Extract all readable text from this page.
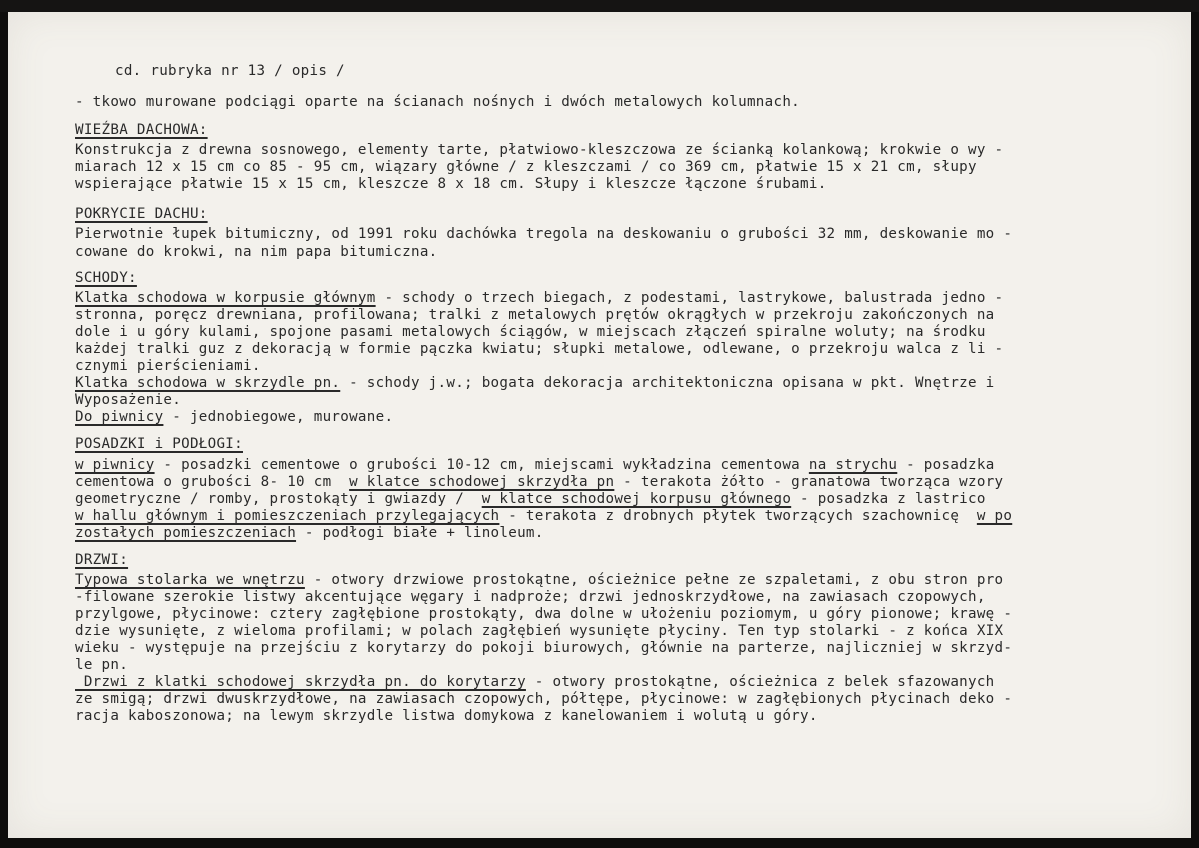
cd. rubryka nr 13 / opis /
- tkowo murowane podciągi oparte na ścianach nośnych i dwóch metalowych kolumnach.
WIEŹBA DACHOWA:
Konstrukcja z drewna sosnowego, elementy tarte, płatwiowo-kleszczowa ze ścianką kolankową; krokwie o wy -
miarach 12 x 15 cm co 85 - 95 cm, wiązary główne / z kleszczami / co 369 cm, płatwie 15 x 21 cm, słupy
wspierające płatwie 15 x 15 cm, kleszcze 8 x 18 cm. Słupy i kleszcze łączone śrubami.
POKRYCIE DACHU:
Pierwotnie łupek bitumiczny, od 1991 roku dachówka tregola na deskowaniu o grubości 32 mm, deskowanie mo -
cowane do krokwi, na nim papa bitumiczna.
SCHODY:
Klatka schodowa w korpusie głównym - schody o trzech biegach, z podestami, lastrykowe, balustrada jedno -
stronna, poręcz drewniana, profilowana; tralki z metalowych prętów okrągłych w przekroju zakończonych na
dole i u góry kulami, spojone pasami metalowych ściągów, w miejscach złączeń spiralne woluty; na środku
każdej tralki guz z dekoracją w formie pączka kwiatu; słupki metalowe, odlewane, o przekroju walca z li -
cznymi pierścieniami.
Klatka schodowa w skrzydle pn. - schody j.w.; bogata dekoracja architektoniczna opisana w pkt. Wnętrze i
Wyposażenie.
Do piwnicy - jednobiegowe, murowane.
POSADZKI i PODŁOGI:
w piwnicy - posadzki cementowe o grubości 10-12 cm, miejscami wykładzina cementowa na strychu - posadzka
cementowa o grubości 8- 10 cm  w klatce schodowej skrzydła pn - terakota żółto - granatowa tworząca wzory
geometryczne / romby, prostokąty i gwiazdy /  w klatce schodowej korpusu głównego - posadzka z lastrico
w hallu głównym i pomieszczeniach przylegających - terakota z drobnych płytek tworzących szachownicę  w po
zostałych pomieszczeniach - podłogi białe + linoleum.
DRZWI:
Typowa stolarka we wnętrzu - otwory drzwiowe prostokątne, ościeżnice pełne ze szpaletami, z obu stron pro
-filowane szerokie listwy akcentujące węgary i nadproże; drzwi jednoskrzydłowe, na zawiasach czopowych,
przylgowe, płycinowe: cztery zagłębione prostokąty, dwa dolne w ułożeniu poziomym, u góry pionowe; krawę -
dzie wysunięte, z wieloma profilami; w polach zagłębień wysunięte płyciny. Ten typ stolarki - z końca XIX
wieku - występuje na przejściu z korytarzy do pokoji biurowych, głównie na parterze, najliczniej w skrzyd-
le pn.
Drzwi z klatki schodowej skrzydła pn. do korytarzy - otwory prostokątne, ościeżnica z belek sfazowanych
ze smigą; drzwi dwuskrzydłowe, na zawiasach czopowych, półtępe, płycinowe: w zagłębionych płycinach deko -
racja kaboszonowa; na lewym skrzydle listwa domykowa z kanelowaniem i wolutą u góry.
